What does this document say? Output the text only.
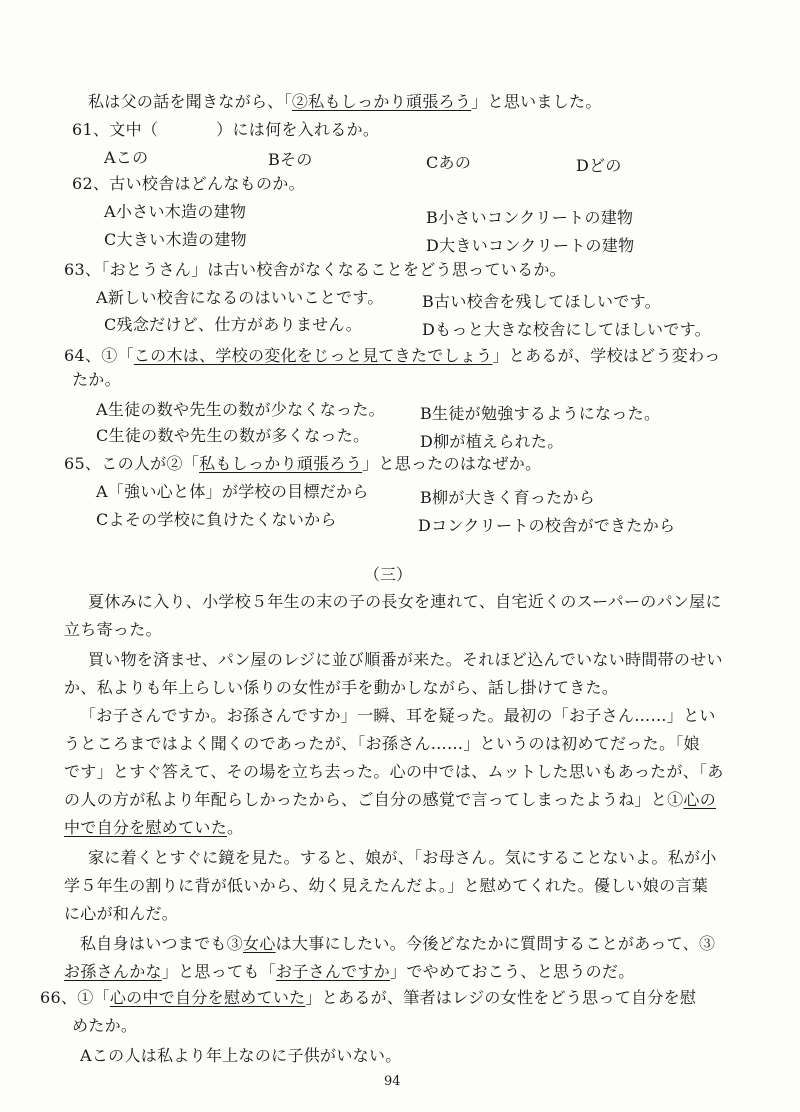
私は父の話を聞きながら、「②私もしっかり頑張ろう」と思いました。
61、文中（	）には何を入れるか。
Aこの	Bその	Cあの	Dどの
62、古い校舎はどんなものか。
A小さい木造の建物	B小さいコンクリートの建物
C大きい木造の建物	D大きいコンクリートの建物
63、「おとうさん」は古い校舎がなくなることをどう思っているか。
A新しい校舎になるのはいいことです。 B古い校舎を残してほしいです。
C残念だけど、仕方がありません。	Dもっと大きな校舎にしてほしいです。
64、①「この木は、学校の変化をじっと見てきたでしょう」とあるが、学校はどう変わっ
たか。
A生徒の数や先生の数が少なくなった。 B生徒が勉強するようになった。
C生徒の数や先生の数が多くなった。	D柳が植えられた。
65、この人が②「私もしっかり頑張ろう」と思ったのはなぜか。
A「強い心と体」が学校の目標だから	B柳が大きく育ったから
Cよその学校に負けたくないから	Dコンクリートの校舎ができたから
（三）
夏休みに入り、小学校５年生の末の子の長女を連れて、自宅近くのスーパーのパン屋に
立ち寄った。
買い物を済ませ、パン屋のレジに並び順番が来た。それほど込んでいない時間帯のせい
か、私よりも年上らしい係りの女性が手を動かしながら、話し掛けてきた。
「お子さんですか。お孫さんですか」一瞬、耳を疑った。最初の「お子さん……」とい
うところまではよく聞くのであったが、「お孫さん……」というのは初めてだった。「娘
です」とすぐ答えて、その場を立ち去った。心の中では、ムットした思いもあったが、「あ
の人の方が私より年配らしかったから、ご自分の感覚で言ってしまったようね」と①心の
中で自分を慰めていた。
家に着くとすぐに鏡を見た。すると、娘が、「お母さん。気にすることないよ。私が小
学５年生の割りに背が低いから、幼く見えたんだよ。」と慰めてくれた。優しい娘の言葉
に心が和んだ。
私自身はいつまでも③女心は大事にしたい。今後どなたかに質問することがあって、③
お孫さんかな」と思っても「お子さんですか」でやめておこう、と思うのだ。
66、①「心の中で自分を慰めていた」とあるが、筆者はレジの女性をどう思って自分を慰
めたか。
Aこの人は私より年上なのに子供がいない。
94
